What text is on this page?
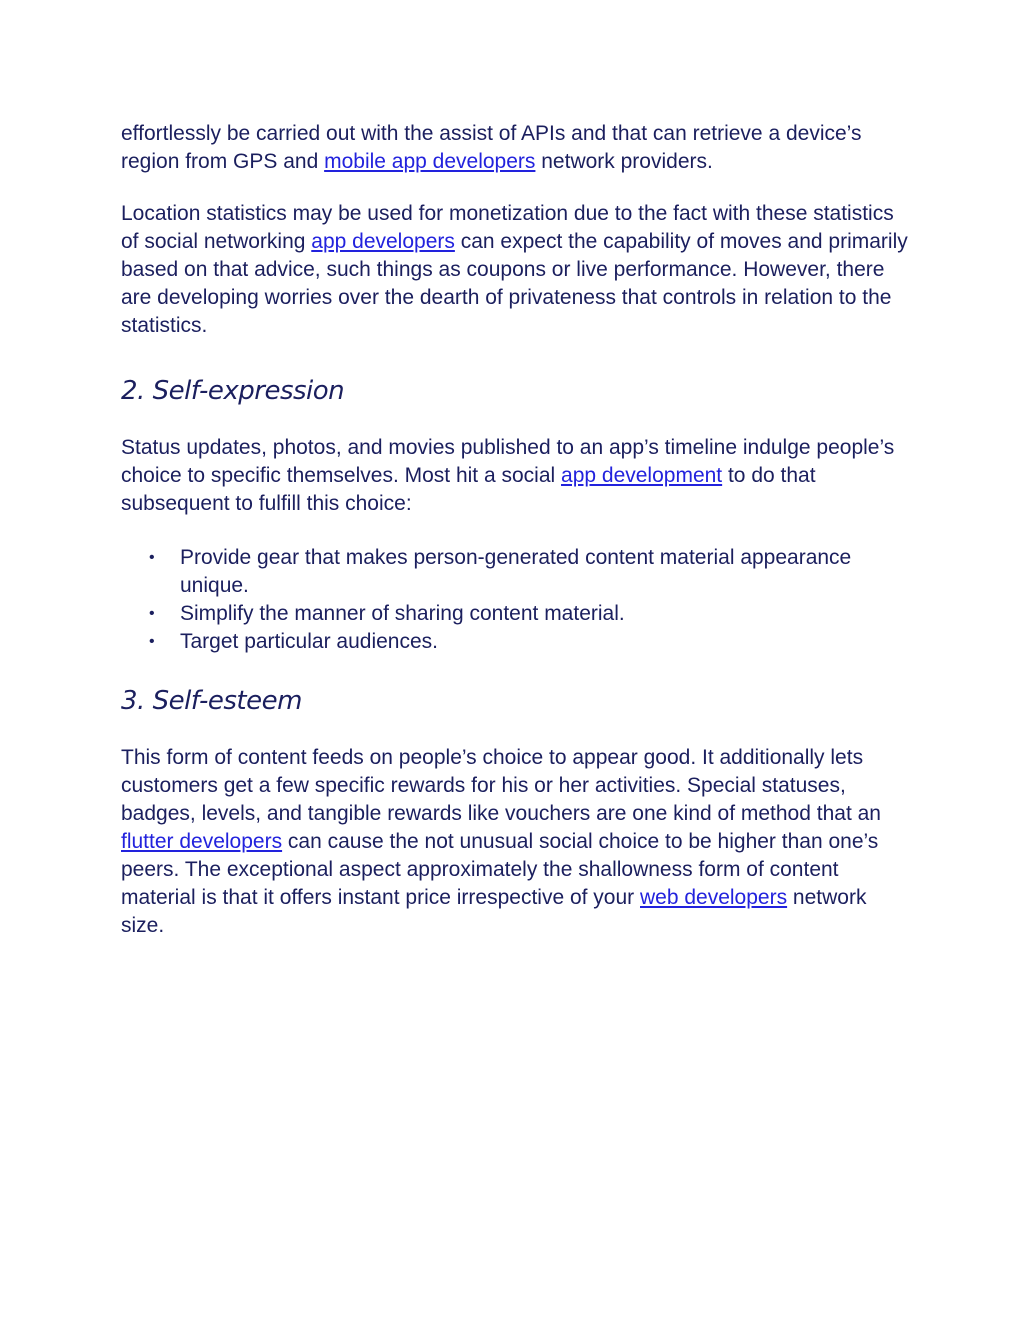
effortlessly be carried out with the assist of APIs and that can retrieve a device’s region from GPS and mobile app developers network providers.

Location statistics may be used for monetization due to the fact with these statistics of social networking app developers can expect the capability of moves and primarily based on that advice, such things as coupons or live performance. However, there are developing worries over the dearth of privateness that controls in relation to the statistics.

2. Self-expression

Status updates, photos, and movies published to an app’s timeline indulge people’s choice to specific themselves. Most hit a social app development to do that subsequent to fulfill this choice:

• Provide gear that makes person-generated content material appearance unique.
• Simplify the manner of sharing content material.
• Target particular audiences.
3. Self-esteem

This form of content feeds on people’s choice to appear good. It additionally lets customers get a few specific rewards for his or her activities. Special statuses, badges, levels, and tangible rewards like vouchers are one kind of method that an flutter developers can cause the not unusual social choice to be higher than one’s peers. The exceptional aspect approximately the shallowness form of content material is that it offers instant price irrespective of your web developers network size.
